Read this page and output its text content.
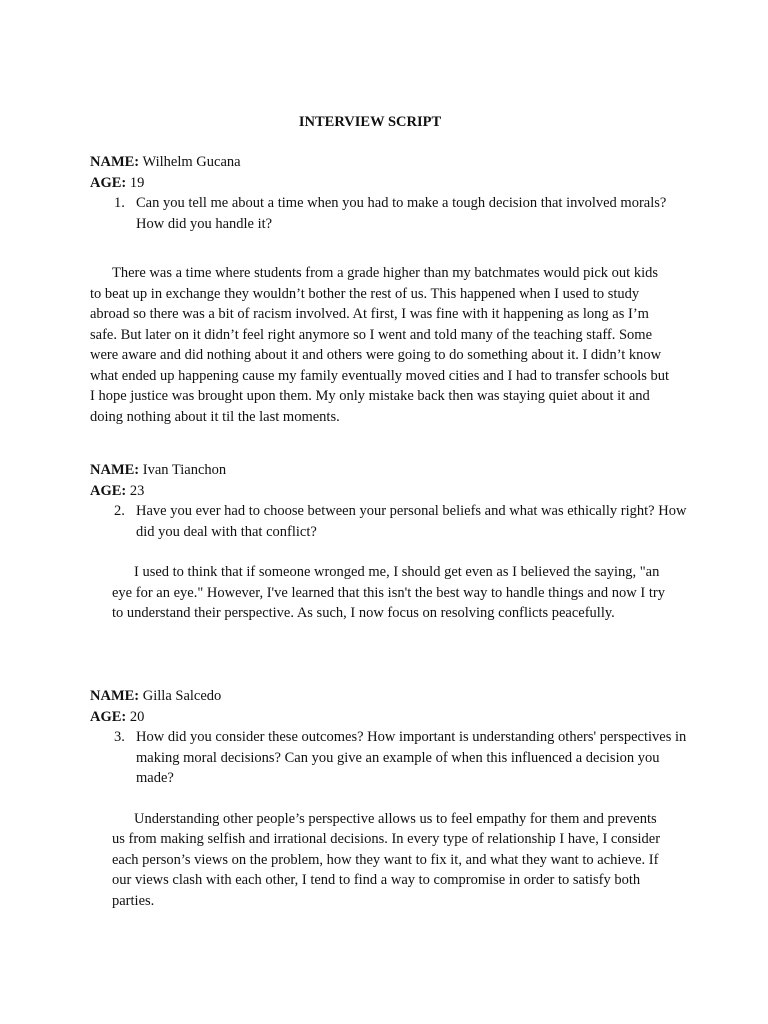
INTERVIEW SCRIPT
NAME: Wilhelm Gucana
AGE: 19
1. Can you tell me about a time when you had to make a tough decision that involved morals? How did you handle it?
There was a time where students from a grade higher than my batchmates would pick out kids to beat up in exchange they wouldn’t bother the rest of us. This happened when I used to study abroad so there was a bit of racism involved. At first, I was fine with it happening as long as I’m safe. But later on it didn’t feel right anymore so I went and told many of the teaching staff. Some were aware and did nothing about it and others were going to do something about it. I didn’t know what ended up happening cause my family eventually moved cities and I had to transfer schools but I hope justice was brought upon them. My only mistake back then was staying quiet about it and doing nothing about it til the last moments.
NAME: Ivan Tianchon
AGE: 23
2. Have you ever had to choose between your personal beliefs and what was ethically right? How did you deal with that conflict?
I used to think that if someone wronged me, I should get even as I believed the saying, "an eye for an eye." However, I've learned that this isn't the best way to handle things and now I try to understand their perspective. As such, I now focus on resolving conflicts peacefully.
NAME: Gilla Salcedo
AGE: 20
3. How did you consider these outcomes? How important is understanding others' perspectives in making moral decisions? Can you give an example of when this influenced a decision you made?
Understanding other people’s perspective allows us to feel empathy for them and prevents us from making selfish and irrational decisions. In every type of relationship I have, I consider each person’s views on the problem, how they want to fix it, and what they want to achieve. If our views clash with each other, I tend to find a way to compromise in order to satisfy both parties.
